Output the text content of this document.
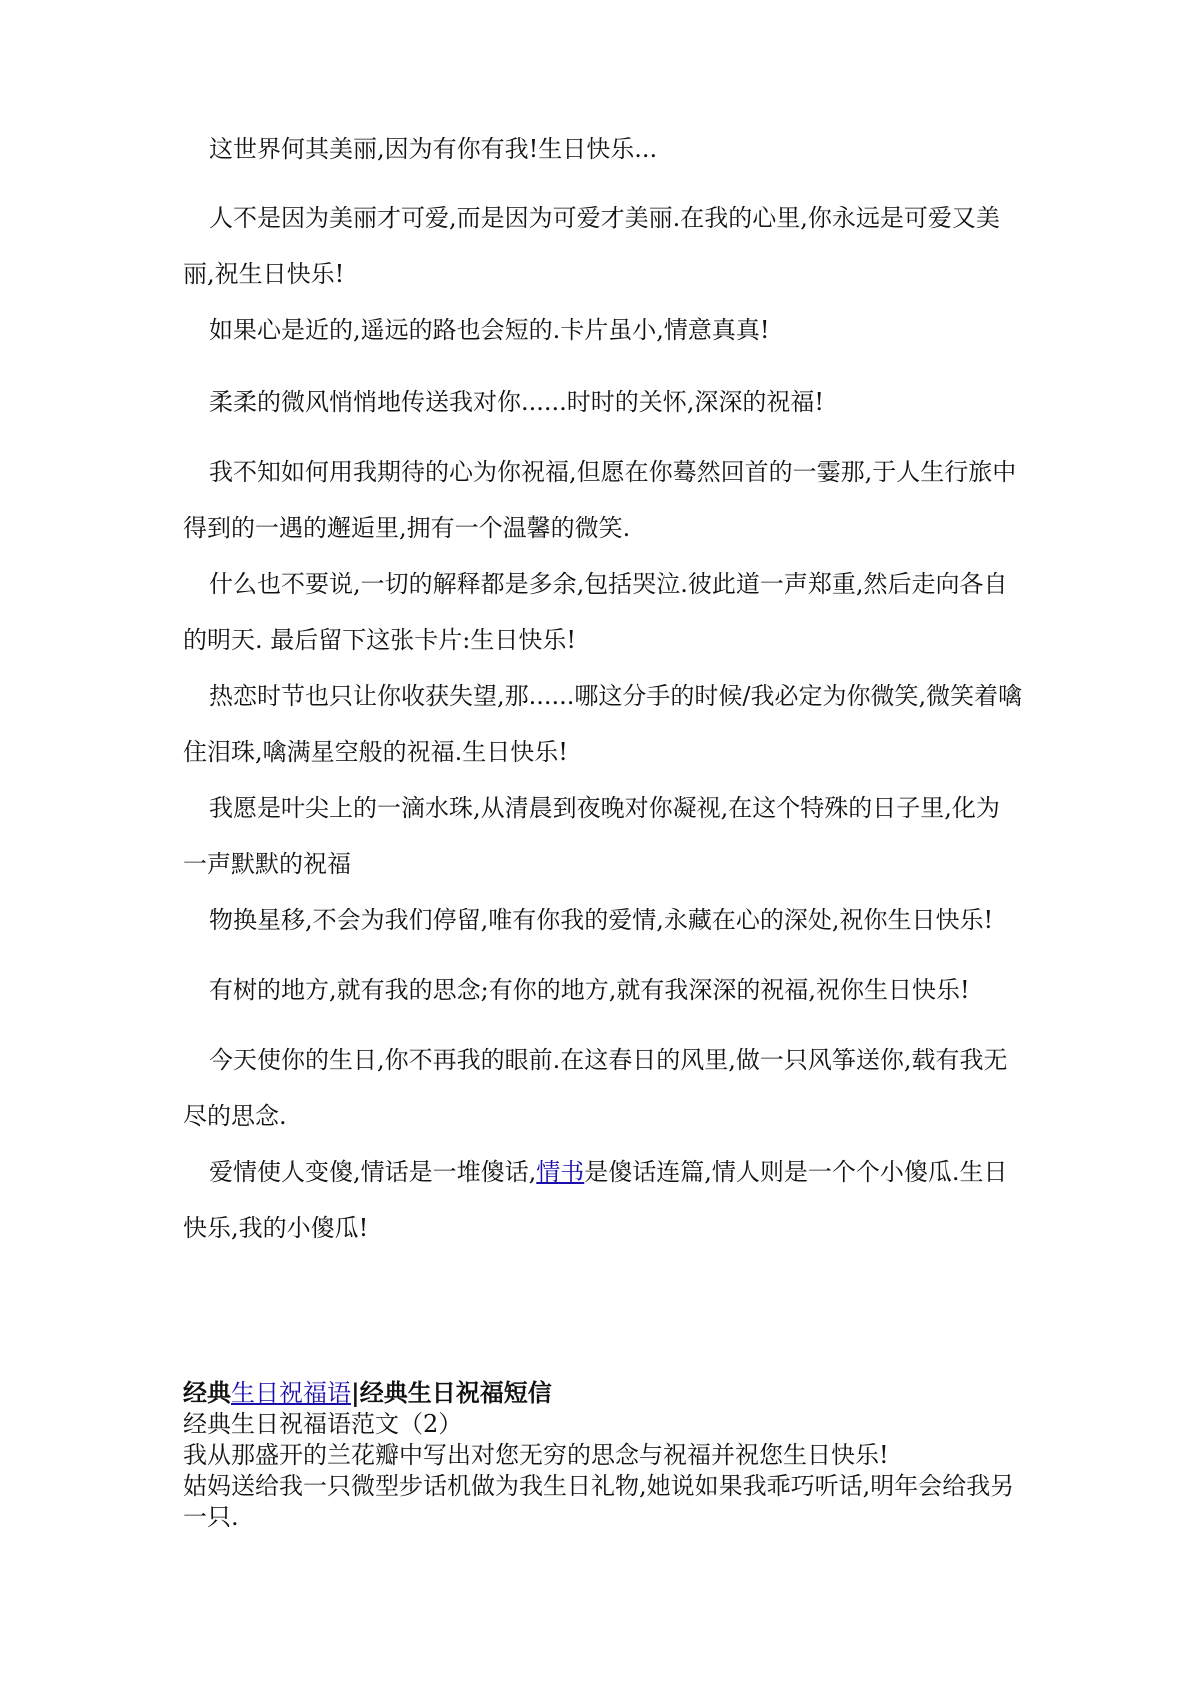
这世界何其美丽,因为有你有我!生日快乐...

人不是因为美丽才可爱,而是因为可爱才美丽.在我的心里,你永远是可爱又美丽,祝生日快乐!

如果心是近的,遥远的路也会短的.卡片虽小,情意真真!

柔柔的微风悄悄地传送我对你......时时的关怀,深深的祝福!

我不知如何用我期待的心为你祝福,但愿在你蓦然回首的一霎那,于人生行旅中得到的一遇的邂逅里,拥有一个温馨的微笑.

什么也不要说,一切的解释都是多余,包括哭泣.彼此道一声郑重,然后走向各自的明天. 最后留下这张卡片:生日快乐!

热恋时节也只让你收获失望,那......哪这分手的时候/我必定为你微笑,微笑着噙住泪珠,噙满星空般的祝福.生日快乐!

我愿是叶尖上的一滴水珠,从清晨到夜晚对你凝视,在这个特殊的日子里,化为一声默默的祝福

物换星移,不会为我们停留,唯有你我的爱情,永藏在心的深处,祝你生日快乐!

有树的地方,就有我的思念;有你的地方,就有我深深的祝福,祝你生日快乐!

今天使你的生日,你不再我的眼前.在这春日的风里,做一只风筝送你,载有我无尽的思念.

爱情使人变傻,情话是一堆傻话,情书是傻话连篇,情人则是一个个小傻瓜.生日快乐,我的小傻瓜!

经典生日祝福语|经典生日祝福短信
经典生日祝福语范文（2）
我从那盛开的兰花瓣中写出对您无穷的思念与祝福并祝您生日快乐!
姑妈送给我一只微型步话机做为我生日礼物,她说如果我乖巧听话,明年会给我另一只.
